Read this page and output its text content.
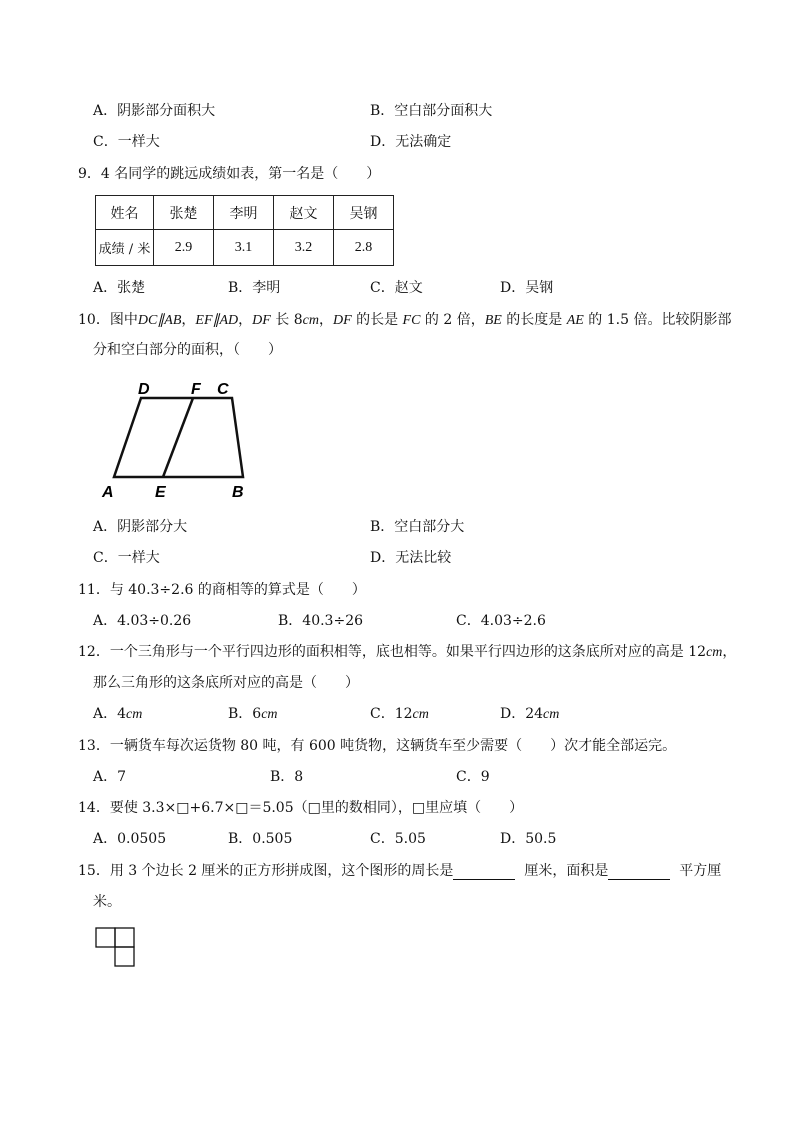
A．阴影部分面积大	B．空白部分面积大
C．一样大	D．无法确定
9．4 名同学的跳远成绩如表，第一名是（　　）
姓名	张楚	李明	赵文	吴钢
成绩 / 米	2.9	3.1	3.2	2.8
A．张楚	B．李明	C．赵文	D．吴钢
10．图中DC∥AB，EF∥AD，DF 长 8cm，DF 的长是 FC 的 2 倍，BE 的长度是 AE 的 1.5 倍。比较阴影部
分和空白部分的面积，（　　）
D	F C
A	E	B
A．阴影部分大	B．空白部分大
C．一样大	D．无法比较
11．与 40.3÷2.6 的商相等的算式是（　　）
A．4.03÷0.26	B．40.3÷26	C．4.03÷2.6
12．一个三角形与一个平行四边形的面积相等，底也相等。如果平行四边形的这条底所对应的高是 12cm，
那么三角形的这条底所对应的高是（　　）
A．4cm	B．6cm	C．12cm	D．24cm
13．一辆货车每次运货物 80 吨，有 600 吨货物，这辆货车至少需要（　　）次才能全部运完。
A．7	B．8	C．9
14．要使 3.3×□+6.7×□＝5.05（□里的数相同），□里应填（　　）
A．0.0505	B．0.505	C．5.05	D．50.5
15．用 3 个边长 2 厘米的正方形拼成图，这个图形的周长是	厘米，面积是	平方厘
米。
